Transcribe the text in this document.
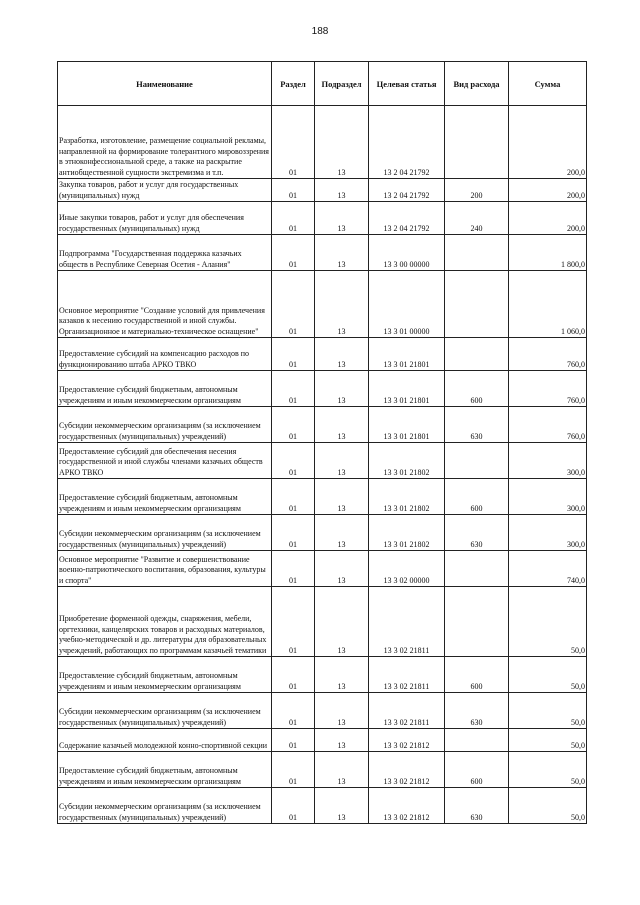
188
Наименование	Раздел	Подраздел	Целевая статья	Вид расхода	Сумма
Разработка, изготовление, размещение социальной рекламы, направленной на формирование толерантного мировоззрения в этноконфессиональной среде, а также на раскрытие антиобщественной сущности экстремизма и т.п.	01	13	13 2 04 21792		200,0
Закупка товаров, работ и услуг для государственных (муниципальных) нужд	01	13	13 2 04 21792	200	200,0
Иные закупки товаров, работ и услуг для обеспечения государственных (муниципальных) нужд	01	13	13 2 04 21792	240	200,0
Подпрограмма "Государственная поддержка казачьих обществ в Республике Северная Осетия - Алания"	01	13	13 3 00 00000		1 800,0
Основное мероприятие "Создание условий для привлечения казаков к несению государственной и иной службы. Организационное и материально-техническое оснащение"	01	13	13 3 01 00000		1 060,0
Предоставление субсидий на компенсацию расходов по функционированию штаба АРКО ТВКО	01	13	13 3 01 21801		760,0
Предоставление субсидий бюджетным, автономным учреждениям и иным некоммерческим организациям	01	13	13 3 01 21801	600	760,0
Субсидии некоммерческим организациям (за исключением государственных (муниципальных) учреждений)	01	13	13 3 01 21801	630	760,0
Предоставление субсидий для обеспечения несения государственной и иной службы членами казачьих обществ АРКО ТВКО	01	13	13 3 01 21802		300,0
Предоставление субсидий бюджетным, автономным учреждениям и иным некоммерческим организациям	01	13	13 3 01 21802	600	300,0
Субсидии некоммерческим организациям (за исключением государственных (муниципальных) учреждений)	01	13	13 3 01 21802	630	300,0
Основное мероприятие "Развитие и совершенствование военно-патриотического воспитания, образования, культуры и спорта"	01	13	13 3 02 00000		740,0
Приобретение форменной одежды, снаряжения, мебели, оргтехники, канцелярских товаров и расходных материалов, учебно-методической и др. литературы для образовательных учреждений, работающих по программам казачьей тематики	01	13	13 3 02 21811		50,0
Предоставление субсидий бюджетным, автономным учреждениям и иным некоммерческим организациям	01	13	13 3 02 21811	600	50,0
Субсидии некоммерческим организациям (за исключением государственных (муниципальных) учреждений)	01	13	13 3 02 21811	630	50,0
Содержание казачьей молодежной конно-спортивной секции	01	13	13 3 02 21812		50,0
Предоставление субсидий бюджетным, автономным учреждениям и иным некоммерческим организациям	01	13	13 3 02 21812	600	50,0
Субсидии некоммерческим организациям (за исключением государственных (муниципальных) учреждений)	01	13	13 3 02 21812	630	50,0
